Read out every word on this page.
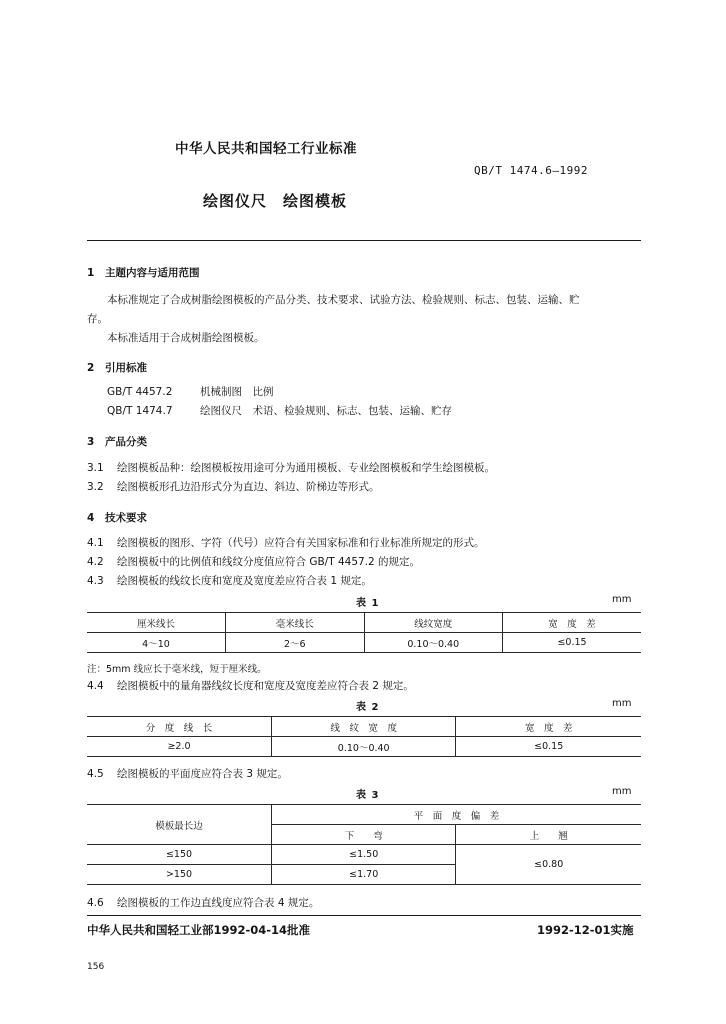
中华人民共和国轻工行业标准
QB/T 1474.6—1992
绘图仪尺　绘图模板
1 主题内容与适用范围
本标准规定了合成树脂绘图模板的产品分类、技术要求、试验方法、检验规则、标志、包装、运输、贮
存。
本标准适用于合成树脂绘图模板。
2 引用标准
GB/T 4457.2	机械制图　比例
QB/T 1474.7	绘图仪尺　术语、检验规则、标志、包装、运输、贮存
3 产品分类
3.1 绘图模板品种：绘图模板按用途可分为通用模板、专业绘图模板和学生绘图模板。
3.2 绘图模板形孔边沿形式分为直边、斜边、阶梯边等形式。
4 技术要求
4.1 绘图模板的图形、字符（代号）应符合有关国家标准和行业标准所规定的形式。
4.2 绘图模板中的比例值和线纹分度值应符合 GB/T 4457.2 的规定。
4.3 绘图模板的线纹长度和宽度及宽度差应符合表 1 规定。
表 1	mm
厘米线长	毫米线长	线纹宽度	宽　度　差
4～10	2～6	0.10～0.40	≤0.15
注：5mm 线应长于毫米线，短于厘米线。
4.4 绘图模板中的量角器线纹长度和宽度及宽度差应符合表 2 规定。
表 2	mm
分　度　线　长	线　纹　宽　度	宽　度　差
≥2.0	0.10～0.40	≤0.15
4.5 绘图模板的平面度应符合表 3 规定。
表 3	mm
模板最长边	平　面　度　偏　差	
	下　　弯	上　　翘
≤150	≤1.50	≤0.80
>150	≤1.70	
4.6 绘图模板的工作边直线度应符合表 4 规定。
中华人民共和国轻工业部1992-04-14批准	1992-12-01实施
156
